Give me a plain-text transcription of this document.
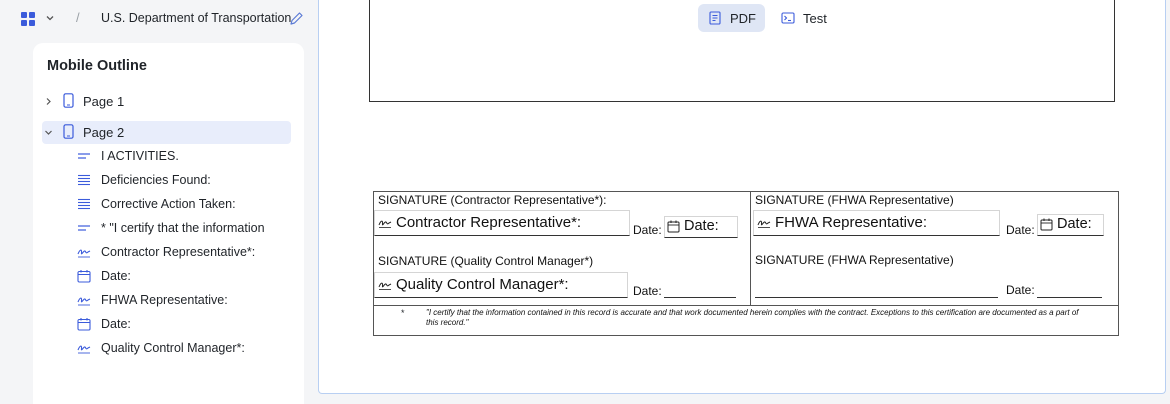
/ U.S. Department of Transportation
Mobile Outline
Page 1
Page 2
I ACTIVITIES.
Deficiencies Found:
Corrective Action Taken:
* "I certify that the information
Contractor Representative*:
Date:
FHWA Representative:
Date:
Quality Control Manager*:
PDF	Test
SIGNATURE (Contractor Representative*):
Contractor Representative*:	Date: Date:
SIGNATURE (FHWA Representative)
FHWA Representative:	Date: Date:
SIGNATURE (Quality Control Manager*)
Quality Control Manager*:	Date:
SIGNATURE (FHWA Representative)
Date:
*	"I certify that the information contained in this record is accurate and that work documented herein complies with the contract. Exceptions to this certification are documented as a part of this record."
